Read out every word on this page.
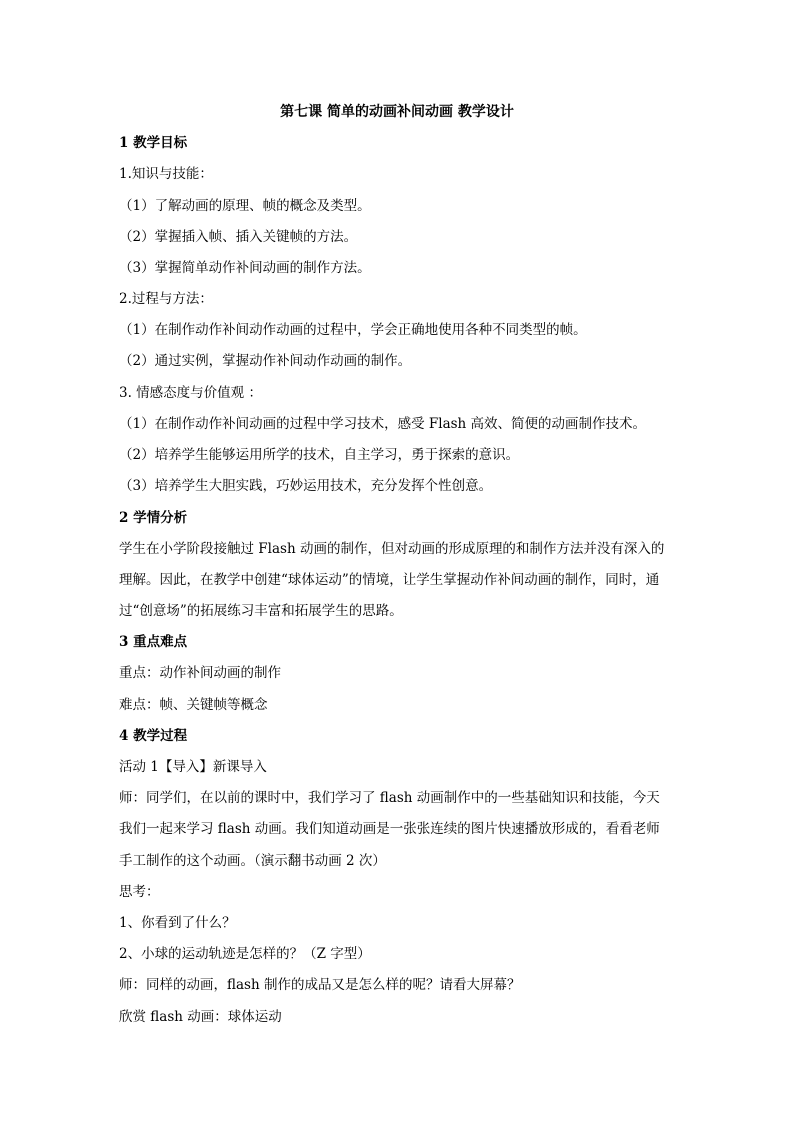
第七课 简单的动画补间动画 教学设计
1 教学目标
1.知识与技能：
（1）了解动画的原理、帧的概念及类型。
（2）掌握插入帧、插入关键帧的方法。
（3）掌握简单动作补间动画的制作方法。
2.过程与方法：
（1）在制作动作补间动作动画的过程中，学会正确地使用各种不同类型的帧。
（2）通过实例，掌握动作补间动作动画的制作。
3. 情感态度与价值观 ：
（1）在制作动作补间动画的过程中学习技术，感受 Flash 高效、简便的动画制作技术。
（2）培养学生能够运用所学的技术，自主学习，勇于探索的意识。
（3）培养学生大胆实践，巧妙运用技术，充分发挥个性创意。
2 学情分析
学生在小学阶段接触过 Flash 动画的制作，但对动画的形成原理的和制作方法并没有深入的
理解。因此，在教学中创建“球体运动”的情境，让学生掌握动作补间动画的制作，同时，通
过“创意场”的拓展练习丰富和拓展学生的思路。
3 重点难点
重点：动作补间动画的制作
难点：帧、关键帧等概念
4 教学过程
活动 1【导入】新课导入
师：同学们，在以前的课时中，我们学习了 flash 动画制作中的一些基础知识和技能，今天
我们一起来学习 flash 动画。我们知道动画是一张张连续的图片快速播放形成的，看看老师
手工制作的这个动画。（演示翻书动画 2 次）
思考：
1、你看到了什么？
2、小球的运动轨迹是怎样的？（Z 字型）
师：同样的动画，flash 制作的成品又是怎么样的呢？请看大屏幕？
欣赏 flash 动画：球体运动
